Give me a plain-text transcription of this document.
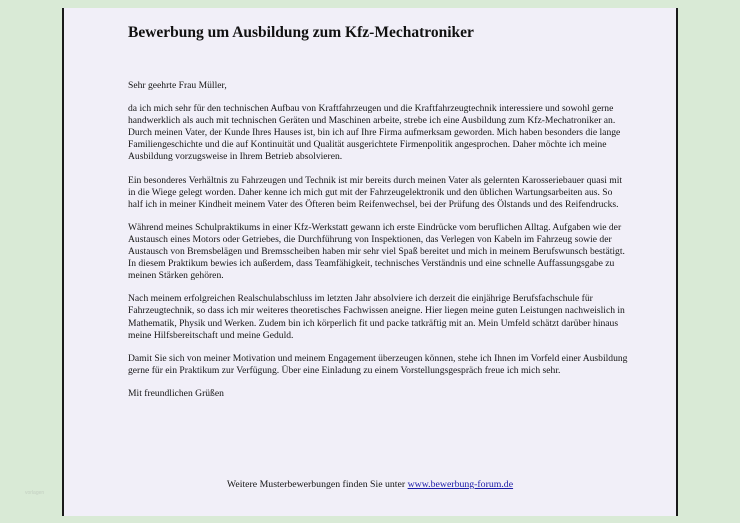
Bewerbung um Ausbildung zum Kfz-Mechatroniker

Sehr geehrte Frau Müller,

da ich mich sehr für den technischen Aufbau von Kraftfahrzeugen und die Kraftfahrzeugtechnik interessiere und sowohl gerne handwerklich als auch mit technischen Geräten und Maschinen arbeite, strebe ich eine Ausbildung zum Kfz-Mechatroniker an. Durch meinen Vater, der Kunde Ihres Hauses ist, bin ich auf Ihre Firma aufmerksam geworden. Mich haben besonders die lange Familiengeschichte und die auf Kontinuität und Qualität ausgerichtete Firmenpolitik angesprochen. Daher möchte ich meine Ausbildung vorzugsweise in Ihrem Betrieb absolvieren.

Ein besonderes Verhältnis zu Fahrzeugen und Technik ist mir bereits durch meinen Vater als gelernten Karosseriebauer quasi mit in die Wiege gelegt worden. Daher kenne ich mich gut mit der Fahrzeugelektronik und den üblichen Wartungsarbeiten aus. So half ich in meiner Kindheit meinem Vater des Öfteren beim Reifenwechsel, bei der Prüfung des Ölstands und des Reifendrucks.

Während meines Schulpraktikums in einer Kfz-Werkstatt gewann ich erste Eindrücke vom beruflichen Alltag. Aufgaben wie der Austausch eines Motors oder Getriebes, die Durchführung von Inspektionen, das Verlegen von Kabeln im Fahrzeug sowie der Austausch von Bremsbelägen und Bremsscheiben haben mir sehr viel Spaß bereitet und mich in meinem Berufswunsch bestätigt. In diesem Praktikum bewies ich außerdem, dass Teamfähigkeit, technisches Verständnis und eine schnelle Auffassungsgabe zu meinen Stärken gehören.

Nach meinem erfolgreichen Realschulabschluss im letzten Jahr absolviere ich derzeit die einjährige Berufsfachschule für Fahrzeugtechnik, so dass ich mir weiteres theoretisches Fachwissen aneigne. Hier liegen meine guten Leistungen nachweislich in Mathematik, Physik und Werken. Zudem bin ich körperlich fit und packe tatkräftig mit an. Mein Umfeld schätzt darüber hinaus meine Hilfsbereitschaft und meine Geduld.

Damit Sie sich von meiner Motivation und meinem Engagement überzeugen können, stehe ich Ihnen im Vorfeld einer Ausbildung gerne für ein Praktikum zur Verfügung. Über eine Einladung zu einem Vorstellungsgespräch freue ich mich sehr.

Mit freundlichen Grüßen

Weitere Musterbewerbungen finden Sie unter www.bewerbung-forum.de
vorlagen
